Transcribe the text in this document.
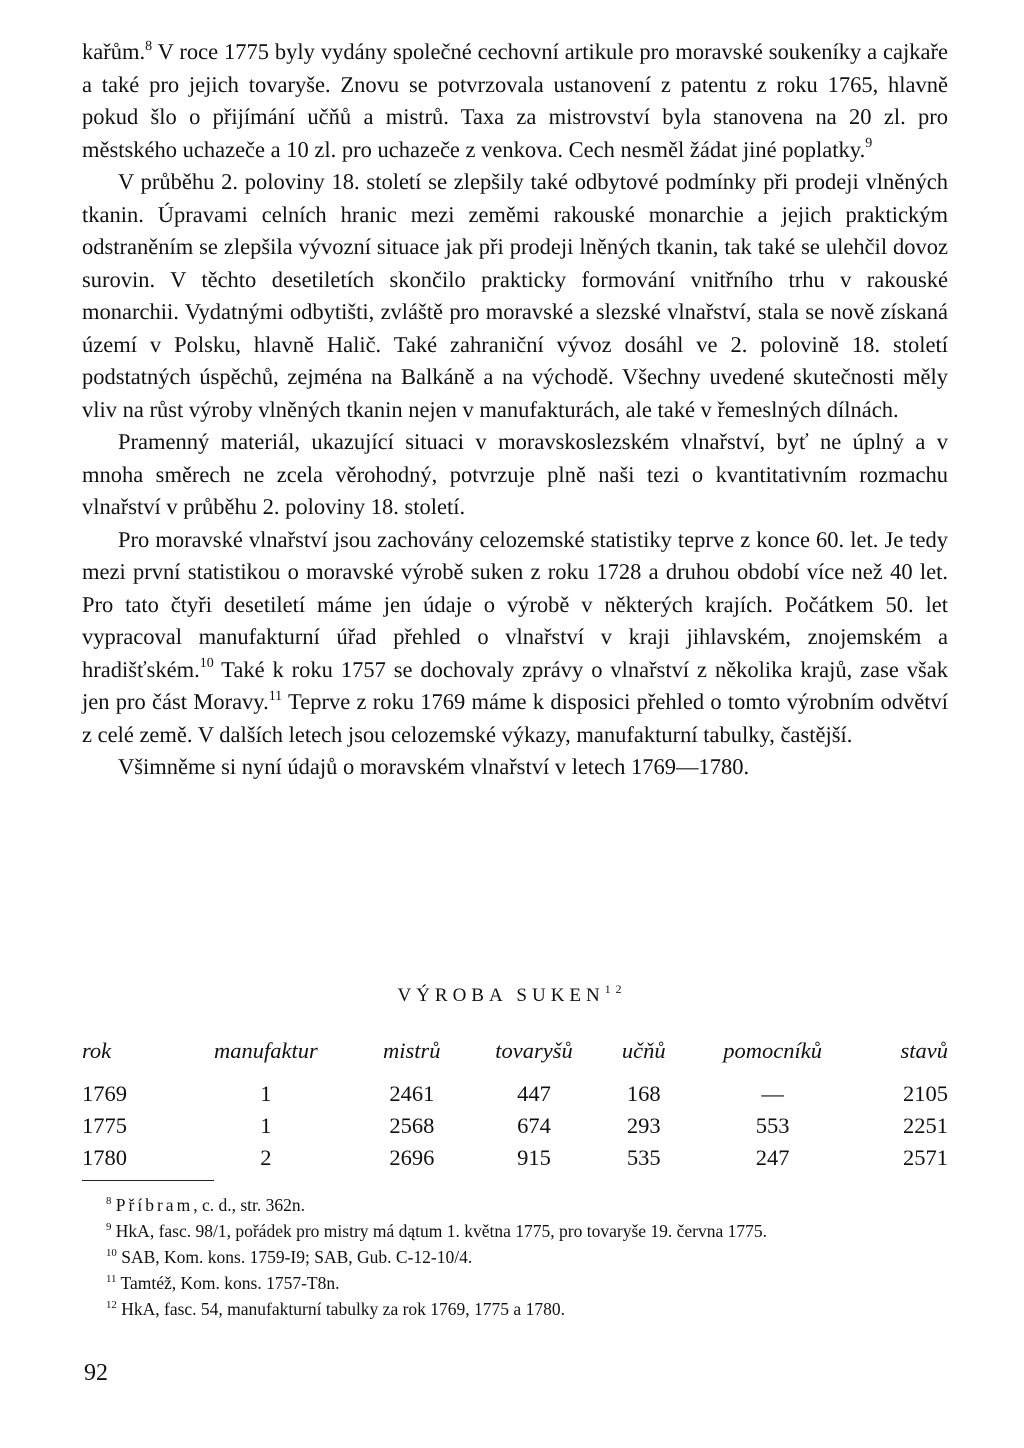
kařům.$^8$ V roce 1775 byly vydány společné cechovní artikule pro moravské soukeníky a cajkaře a také pro jejich tovaryše. Znovu se potvrzovala ustanovení z patentu z roku 1765, hlavně pokud šlo o přijímání učňů a mistrů. Taxa za mistrovství byla stanovena na 20 zl. pro městského uchazeče a 10 zl. pro uchazeče z venkova. Cech nesměl žádat jiné poplatky.$^9$

V průběhu 2. poloviny 18. století se zlepšily také odbytové podmínky při prodeji vlněných tkanin. Úpravami celních hranic mezi zeměmi rakouské monarchie a jejich praktickým odstraněním se zlepšila vývozní situace jak při prodeji lněných tkanin, tak také se ulehčil dovoz surovin. V těchto desetiletích skončilo prakticky formování vnitřního trhu v rakouské monarchii. Vydatnými odbytišti, zvláště pro moravské a slezské vlnařství, stala se nově získaná území v Polsku, hlavně Halič. Také zahraniční vývoz dosáhl ve 2. polovině 18. století podstatných úspěchů, zejména na Balkáně a na východě. Všechny uvedené skutečnosti měly vliv na růst výroby vlněných tkanin nejen v manufakturách, ale také v řemeslných dílnách.

Pramenný materiál, ukazující situaci v moravskoslezském vlnařství, byť ne úplný a v mnoha směrech ne zcela věrohodný, potvrzuje plně naši tezi o kvantitativním rozmachu vlnařství v průběhu 2. poloviny 18. století.

Pro moravské vlnařství jsou zachovány celozemské statistiky teprve z konce 60. let. Je tedy mezi první statistikou o moravské výrobě suken z roku 1728 a druhou období více než 40 let. Pro tato čtyři desetiletí máme jen údaje o výrobě v některých krajích. Počátkem 50. let vypracoval manufakturní úřad přehled o vlnařství v kraji jihlavském, znojemském a hradišťském.$^{10}$ Také k roku 1757 se dochovaly zprávy o vlnařství z několika krajů, zase však jen pro část Moravy.$^{11}$ Teprve z roku 1769 máme k disposici přehled o tomto výrobním odvětví z celé země. V dalších letech jsou celozemské výkazy, manufakturní tabulky, častější.

Všimněme si nyní údajů o moravském vlnařství v letech 1769—1780.

VÝROBA SUKEN$^{12}$
rok	manufaktur	mistrů	tovaryšů	učňů	pomocníků	stavů
1769	1	2461	447	168	—	2105
1775	1	2568	674	293	553	2251
1780	2	2696	915	535	247	2571

$^8$ Příbram, c. d., str. 362n.

$^9$ HkA, fasc. 98/1, pořádek pro mistry má dątum 1. května 1775, pro tovaryše 19. června 1775.

$^{10}$ SAB, Kom. kons. 1759-I9; SAB, Gub. C-12-10/4.

$^{11}$ Tamtéž, Kom. kons. 1757-T8n.

$^{12}$ HkA, fasc. 54, manufakturní tabulky za rok 1769, 1775 a 1780.

92
